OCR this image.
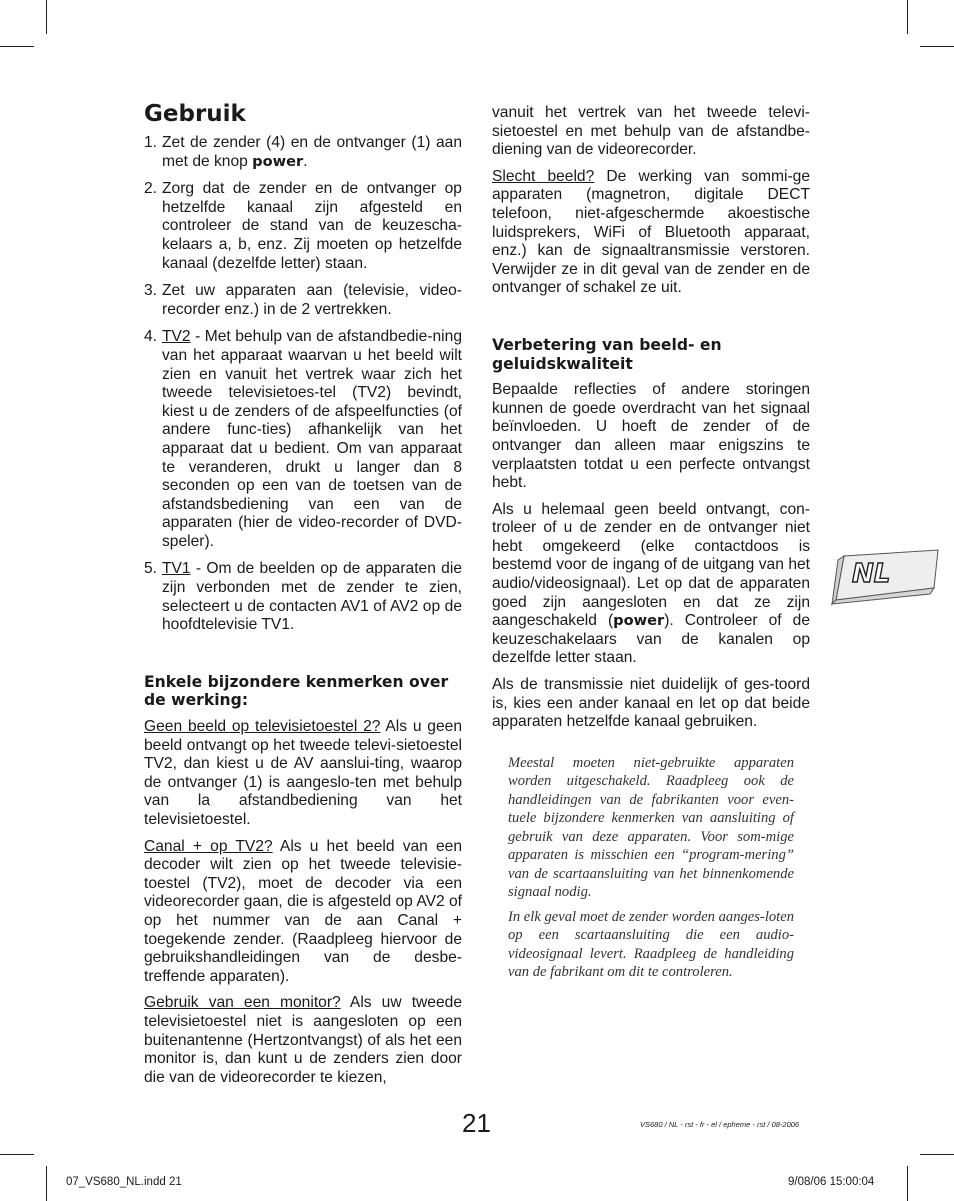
Gebruik
1. Zet de zender (4) en de ontvanger (1) aan met de knop power.
2. Zorg dat de zender en de ontvanger op hetzelfde kanaal zijn afgesteld en controleer de stand van de keuzescha-kelaars a, b, enz. Zij moeten op hetzelfde kanaal (dezelfde letter) staan.
3. Zet uw apparaten aan (televisie, video-recorder enz.) in de 2 vertrekken.
4. TV2 - Met behulp van de afstandbedie-ning van het apparaat waarvan u het beeld wilt zien en vanuit het vertrek waar zich het tweede televisietoes-tel (TV2) bevindt, kiest u de zenders of de afspeelfuncties (of andere func-ties) afhankelijk van het apparaat dat u bedient. Om van apparaat te veranderen, drukt u langer dan 8 seconden op een van de toetsen van de afstandsbediening van een van de apparaten (hier de video-recorder of DVD-speler).
5. TV1 - Om de beelden op de apparaten die zijn verbonden met de zender te zien, selecteert u de contacten AV1 of AV2 op de hoofdtelevisie TV1.
Enkele bijzondere kenmerken over de werking:

Geen beeld op televisietoestel 2? Als u geen beeld ontvangt op het tweede televi-sietoestel TV2, dan kiest u de AV aanslui-ting, waarop de ontvanger (1) is aangeslo-ten met behulp van la afstandbediening van het televisietoestel.

Canal + op TV2? Als u het beeld van een decoder wilt zien op het tweede televisie-toestel (TV2), moet de decoder via een videorecorder gaan, die is afgesteld op AV2 of op het nummer van de aan Canal + toegekende zender. (Raadpleeg hiervoor de gebruikshandleidingen van de desbe-treffende apparaten).

Gebruik van een monitor? Als uw tweede televisietoestel niet is aangesloten op een buitenantenne (Hertzontvangst) of als het een monitor is, dan kunt u de zenders zien door die van de videorecorder te kiezen,

vanuit het vertrek van het tweede televi-sietoestel en met behulp van de afstandbe-diening van de videorecorder.

Slecht beeld? De werking van sommi-ge apparaten (magnetron, digitale DECT telefoon, niet-afgeschermde akoestische luidsprekers, WiFi of Bluetooth apparaat, enz.) kan de signaaltransmissie verstoren. Verwijder ze in dit geval van de zender en de ontvanger of schakel ze uit.

Verbetering van beeld- en geluidskwaliteit

Bepaalde reflecties of andere storingen kunnen de goede overdracht van het signaal beïnvloeden. U hoeft de zender of de ontvanger dan alleen maar enigszins te verplaatsten totdat u een perfecte ontvangst hebt.

Als u helemaal geen beeld ontvangt, con-troleer of u de zender en de ontvanger niet hebt omgekeerd (elke contactdoos is bestemd voor de ingang of de uitgang van het audio/videosignaal). Let op dat de apparaten goed zijn aangesloten en dat ze zijn aangeschakeld (power). Controleer of de keuzeschakelaars van de kanalen op dezelfde letter staan.

Als de transmissie niet duidelijk of ges-toord is, kies een ander kanaal en let op dat beide apparaten hetzelfde kanaal gebruiken.

Meestal moeten niet-gebruikte apparaten worden uitgeschakeld. Raadpleeg ook de handleidingen van de fabrikanten voor even-tuele bijzondere kenmerken van aansluiting of gebruik van deze apparaten. Voor som-mige apparaten is misschien een “program-mering” van de scartaansluiting van het binnenkomende signaal nodig.

In elk geval moet de zender worden aanges-loten op een scartaansluiting die een audio-videosignaal levert. Raadpleeg de handleiding van de fabrikant om dit te controleren.

NL
21	VS680 / NL - rst - fr - el / epheme - rst / 08-2006
07_VS680_NL.indd 21	9/08/06 15:00:04
